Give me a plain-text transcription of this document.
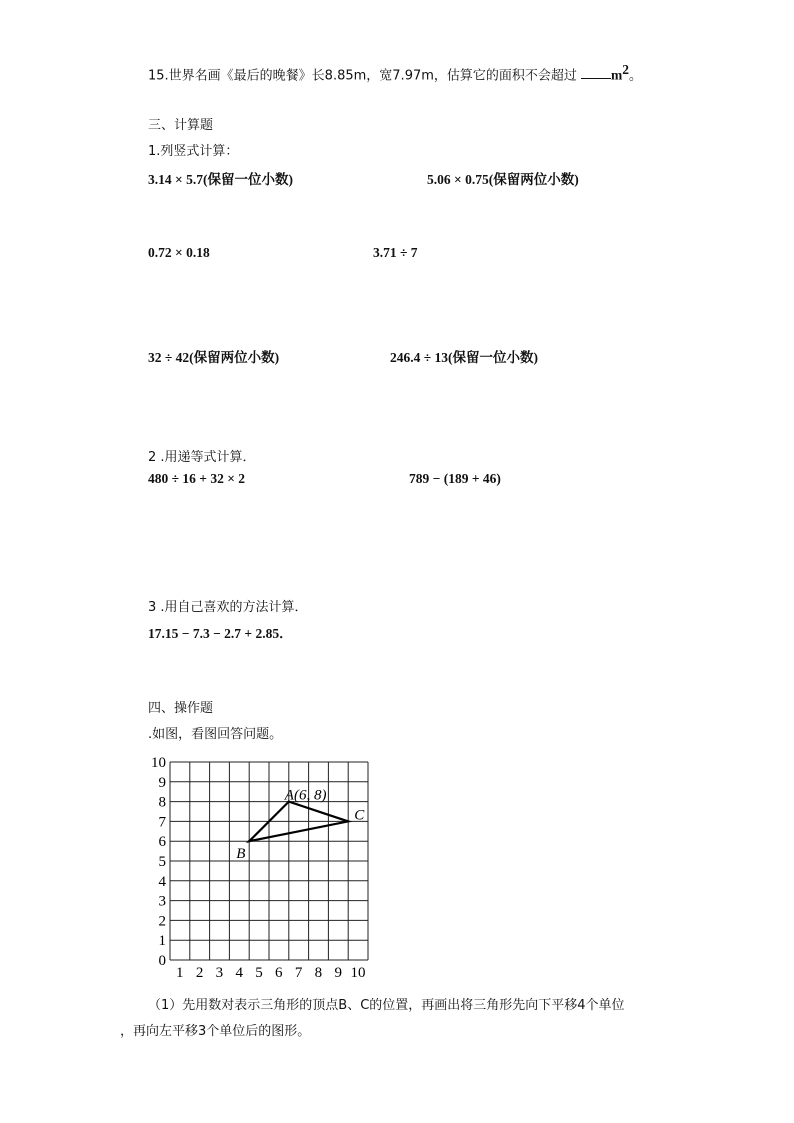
15.世界名画《最后的晚餐》长8.85m，宽7.97m，估算它的面积不会超过	$m^2$。
三、计算题
1.列竖式计算：
3.14 × 5.7(保留一位小数)	5.06 × 0.75(保留两位小数)
0.72 × 0.18	3.71 ÷ 7
32 ÷ 42(保留两位小数)	246.4 ÷ 13(保留一位小数)
2 .用递等式计算．
480 ÷ 16 + 32 × 2	789 − (189 + 46)
3 .用自己喜欢的方法计算．
17.15 − 7.3 − 2.7 + 2.85．
四、操作题
.如图，看图回答问题。
0
1
2
3
4
5
6
7
8
9
10
1 2 3 4 5 6 7 8 9 10
A(6, 8)
B
C
（1）先用数对表示三角形的顶点B、C的位置，再画出将三角形先向下平移4个单位
，再向左平移3个单位后的图形。
